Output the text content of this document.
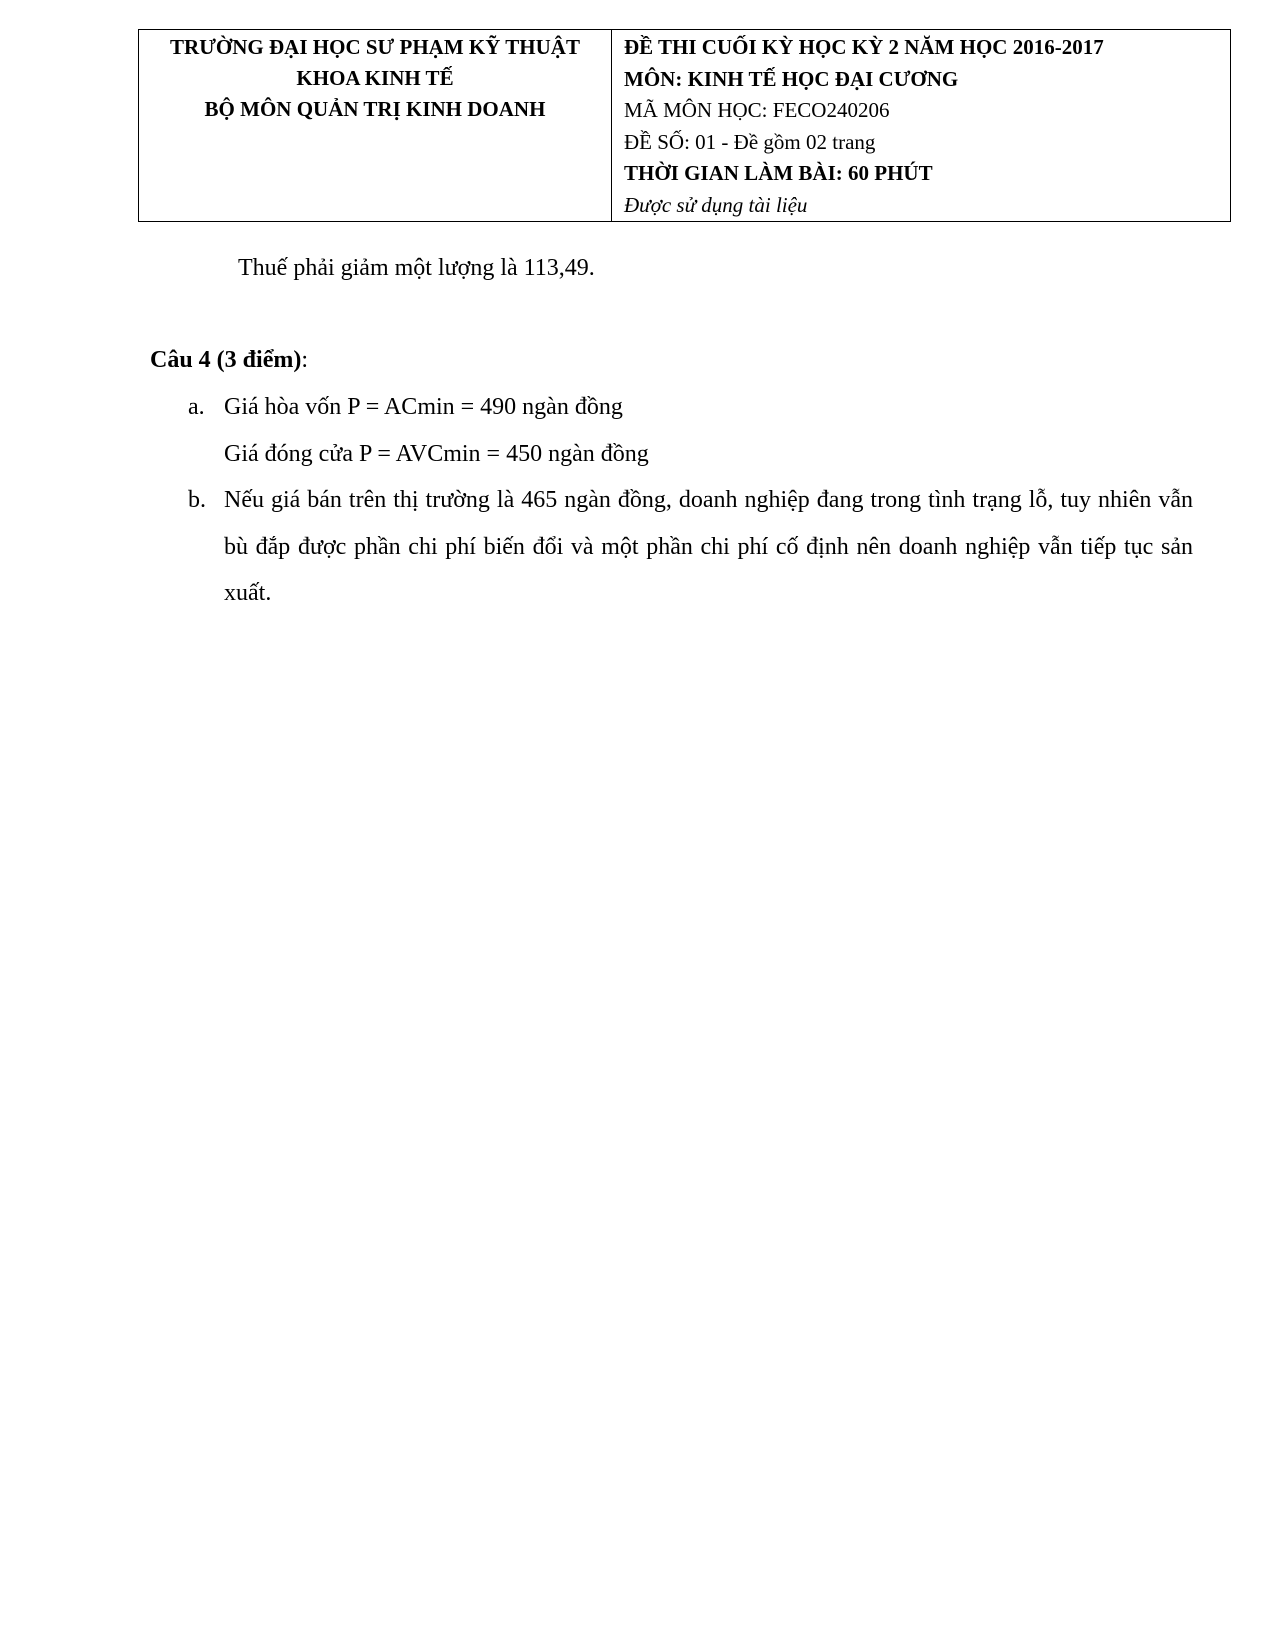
TRƯỜNG ĐẠI HỌC SƯ PHẠM KỸ THUẬT
KHOA KINH TẾ
BỘ MÔN QUẢN TRỊ KINH DOANH

ĐỀ THI CUỐI KỲ HỌC KỲ 2 NĂM HỌC 2016-2017
MÔN: KINH TẾ HỌC ĐẠI CƯƠNG
MÃ MÔN HỌC: FECO240206
ĐỀ SỐ: 01 - Đề gồm 02 trang
THỜI GIAN LÀM BÀI: 60 PHÚT
Được sử dụng tài liệu
Thuế phải giảm một lượng là 113,49.
Câu 4 (3 điểm):
a. Giá hòa vốn P = ACmin = 490 ngàn đồng
Giá đóng cửa P = AVCmin = 450 ngàn đồng
b. Nếu giá bán trên thị trường là 465 ngàn đồng, doanh nghiệp đang trong tình trạng lỗ, tuy nhiên vẫn bù đắp được phần chi phí biến đổi và một phần chi phí cố định nên doanh nghiệp vẫn tiếp tục sản xuất.
